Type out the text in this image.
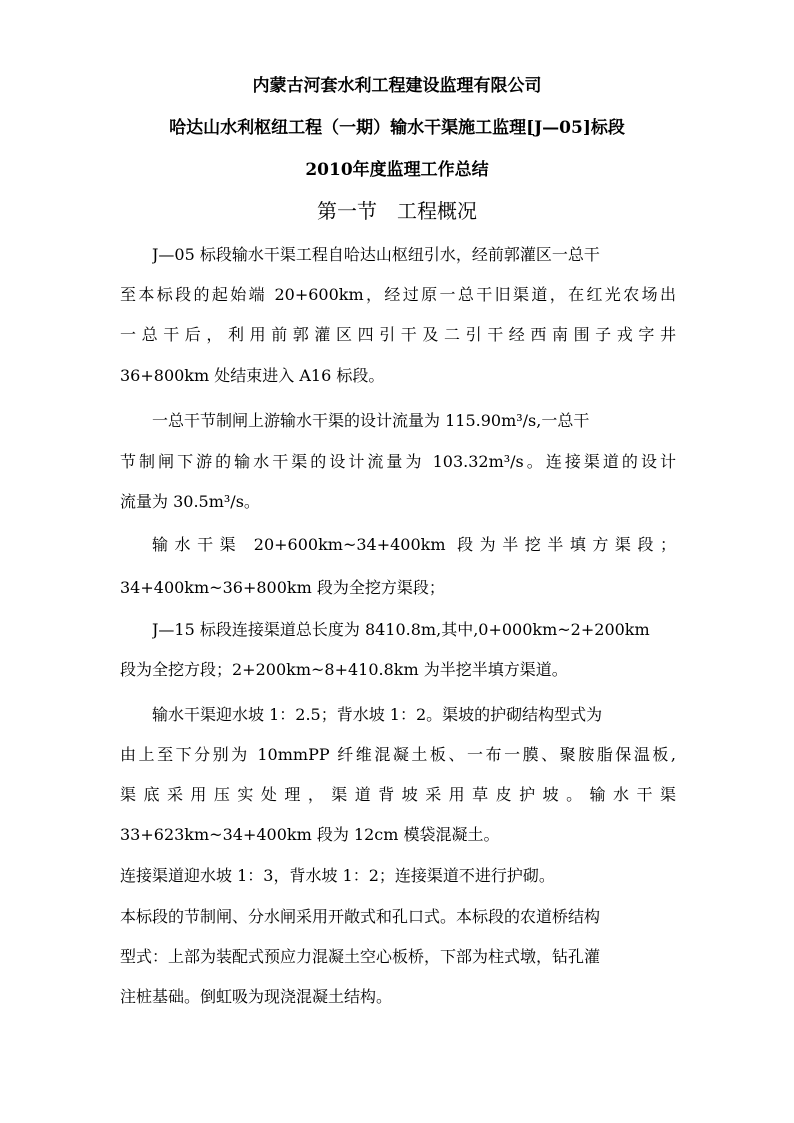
内蒙古河套水利工程建设监理有限公司
哈达山水利枢纽工程（一期）输水干渠施工监理[J—05]标段
2010年度监理工作总结
第一节　工程概况
J—05 标段输水干渠工程自哈达山枢纽引水，经前郭灌区一总干
至本标段的起始端 20+600km，经过原一总干旧渠道，在红光农场出
一总干后，利用前郭灌区四引干及二引干经西南围子戎字井
36+800km 处结束进入 A16 标段。
一总干节制闸上游输水干渠的设计流量为 115.90m³/s,一总干
节制闸下游的输水干渠的设计流量为 103.32m³/s。连接渠道的设计
流量为 30.5m³/s。
输水干渠 20+600km~34+400km 段为半挖半填方渠段；
34+400km~36+800km 段为全挖方渠段；
J—15 标段连接渠道总长度为 8410.8m,其中,0+000km~2+200km
段为全挖方段；2+200km~8+410.8km 为半挖半填方渠道。
输水干渠迎水坡 1：2.5；背水坡 1：2。渠坡的护砌结构型式为
由上至下分别为 10mmPP 纤维混凝土板、一布一膜、聚胺脂保温板,
渠底采用压实处理，渠道背坡采用草皮护坡。输水干渠
33+623km~34+400km 段为 12cm 模袋混凝土。
连接渠道迎水坡 1：3，背水坡 1：2；连接渠道不进行护砌。
本标段的节制闸、分水闸采用开敞式和孔口式。本标段的农道桥结构
型式：上部为装配式预应力混凝土空心板桥，下部为柱式墩，钻孔灌
注桩基础。倒虹吸为现浇混凝土结构。
